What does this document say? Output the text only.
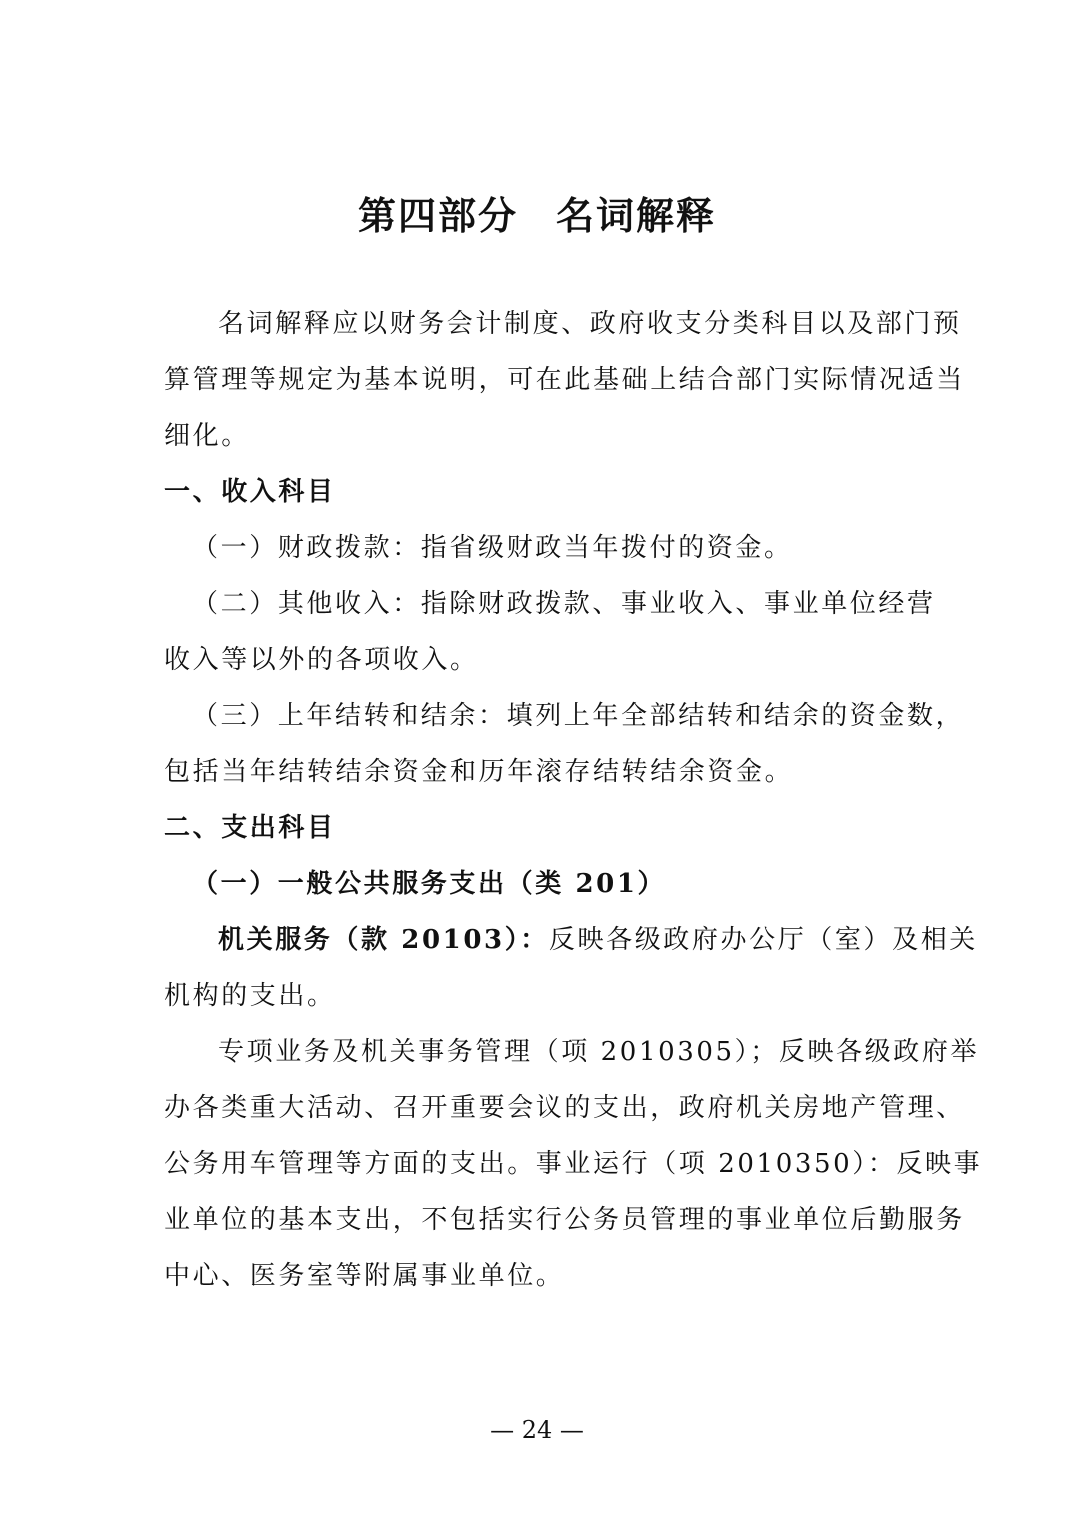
第四部分 名词解释
名词解释应以财务会计制度、政府收支分类科目以及部门预
算管理等规定为基本说明，可在此基础上结合部门实际情况适当
细化。
一、收入科目
（一）财政拨款：指省级财政当年拨付的资金。
（二）其他收入：指除财政拨款、事业收入、事业单位经营
收入等以外的各项收入。
（三）上年结转和结余：填列上年全部结转和结余的资金数，
包括当年结转结余资金和历年滚存结转结余资金。
二、支出科目
（一）一般公共服务支出（类 201）
机关服务（款 20103）：反映各级政府办公厅（室）及相关
机构的支出。
专项业务及机关事务管理（项 2010305）；反映各级政府举
办各类重大活动、召开重要会议的支出，政府机关房地产管理、
公务用车管理等方面的支出。事业运行（项 2010350）：反映事
业单位的基本支出，不包括实行公务员管理的事业单位后勤服务
中心、医务室等附属事业单位。
— 24 —
